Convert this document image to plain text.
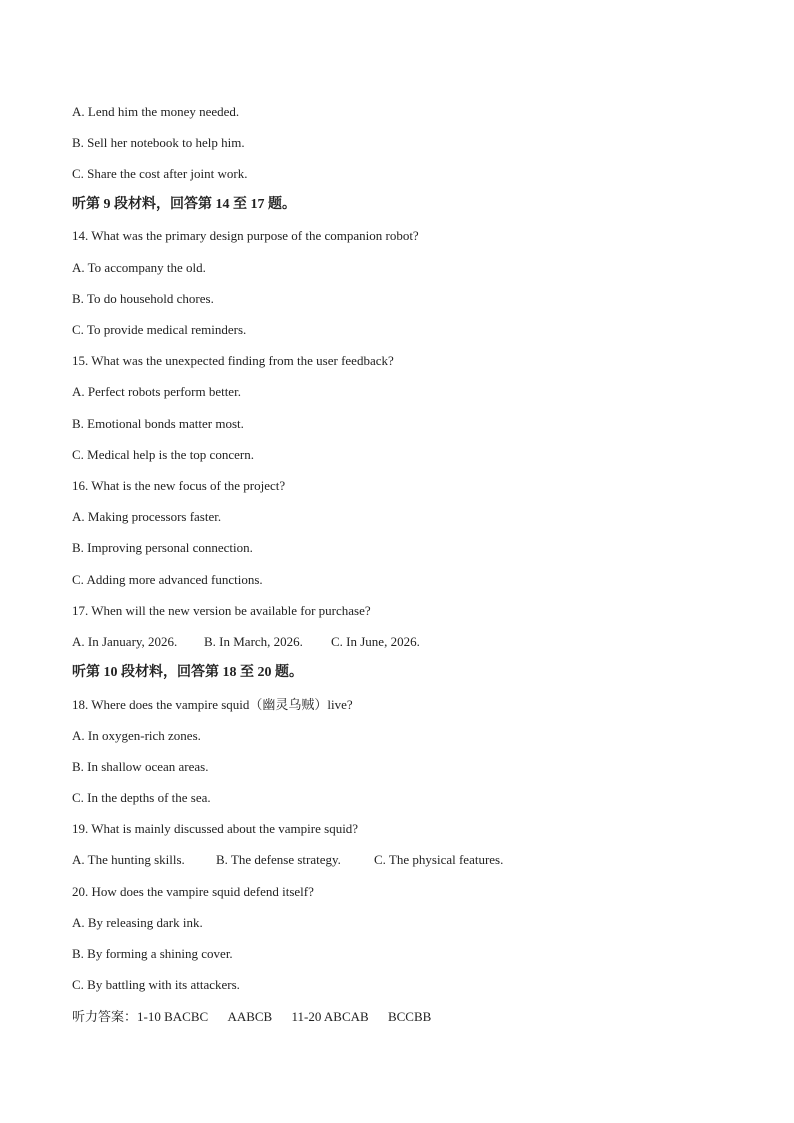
A. Lend him the money needed.
B. Sell her notebook to help him.
C. Share the cost after joint work.
听第 9 段材料，回答第 14 至 17 题。
14. What was the primary design purpose of the companion robot?
A. To accompany the old.
B. To do household chores.
C. To provide medical reminders.
15. What was the unexpected finding from the user feedback?
A. Perfect robots perform better.
B. Emotional bonds matter most.
C. Medical help is the top concern.
16. What is the new focus of the project?
A. Making processors faster.
B. Improving personal connection.
C. Adding more advanced functions.
17. When will the new version be available for purchase?
A. In January, 2026. B. In March, 2026. C. In June, 2026.
听第 10 段材料，回答第 18 至 20 题。
18. Where does the vampire squid（幽灵乌贼）live?
A. In oxygen-rich zones.
B. In shallow ocean areas.
C. In the depths of the sea.
19. What is mainly discussed about the vampire squid?
A. The hunting skills. B. The defense strategy.	C. The physical features.
20. How does the vampire squid defend itself?
A. By releasing dark ink.
B. By forming a shining cover.
C. By battling with its attackers.
听力答案：1-10 BACBC AABCB 11-20 ABCAB BCCBB
